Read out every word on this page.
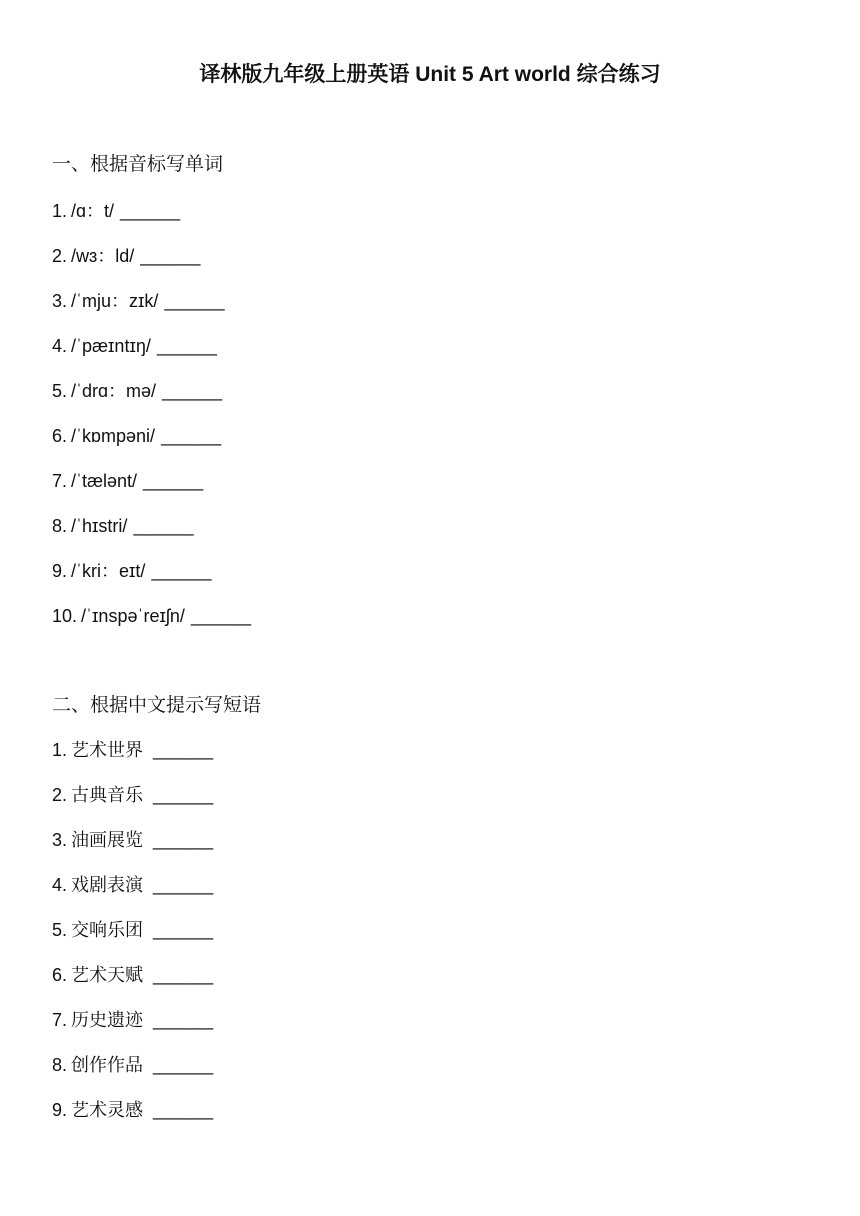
译林版九年级上册英语 Unit 5 Art world 综合练习
一、根据音标写单词
1. /ɑ：t/ ______
2. /wɜ：ld/ ______
3. /ˈmju：zɪk/ ______
4. /ˈpæɪntɪŋ/ ______
5. /ˈdrɑ：mə/ ______
6. /ˈkɒmpəni/ ______
7. /ˈtælənt/ ______
8. /ˈhɪstri/ ______
9. /ˈkri：eɪt/ ______
10. /ˈɪnspəˈreɪʃn/ ______
二、根据中文提示写短语
1. 艺术世界 ______
2. 古典音乐 ______
3. 油画展览 ______
4. 戏剧表演 ______
5. 交响乐团 ______
6. 艺术天赋 ______
7. 历史遗迹 ______
8. 创作作品 ______
9. 艺术灵感 ______
